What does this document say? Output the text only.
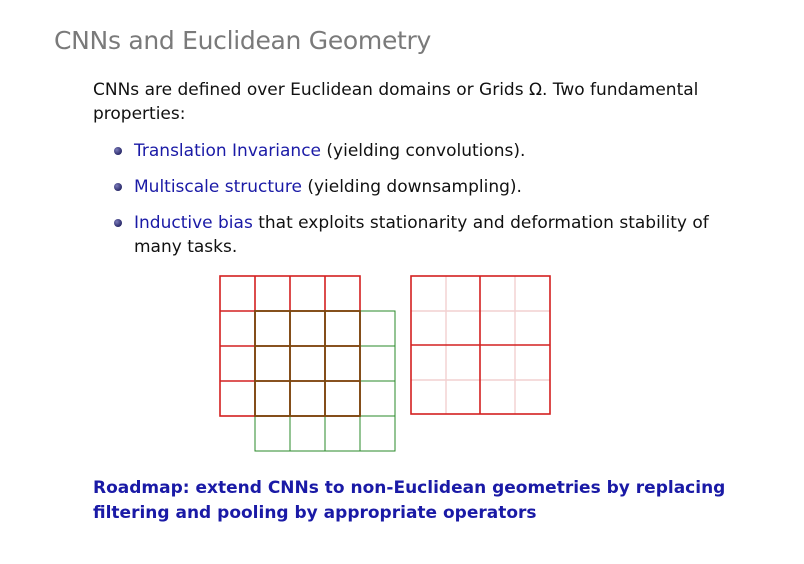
CNNs and Euclidean Geometry
CNNs are defined over Euclidean domains or Grids Ω. Two fundamental properties:
Translation Invariance (yielding convolutions).
Multiscale structure (yielding downsampling).
Inductive bias that exploits stationarity and deformation stability of many tasks.
Roadmap: extend CNNs to non-Euclidean geometries by replacing filtering and pooling by appropriate operators
